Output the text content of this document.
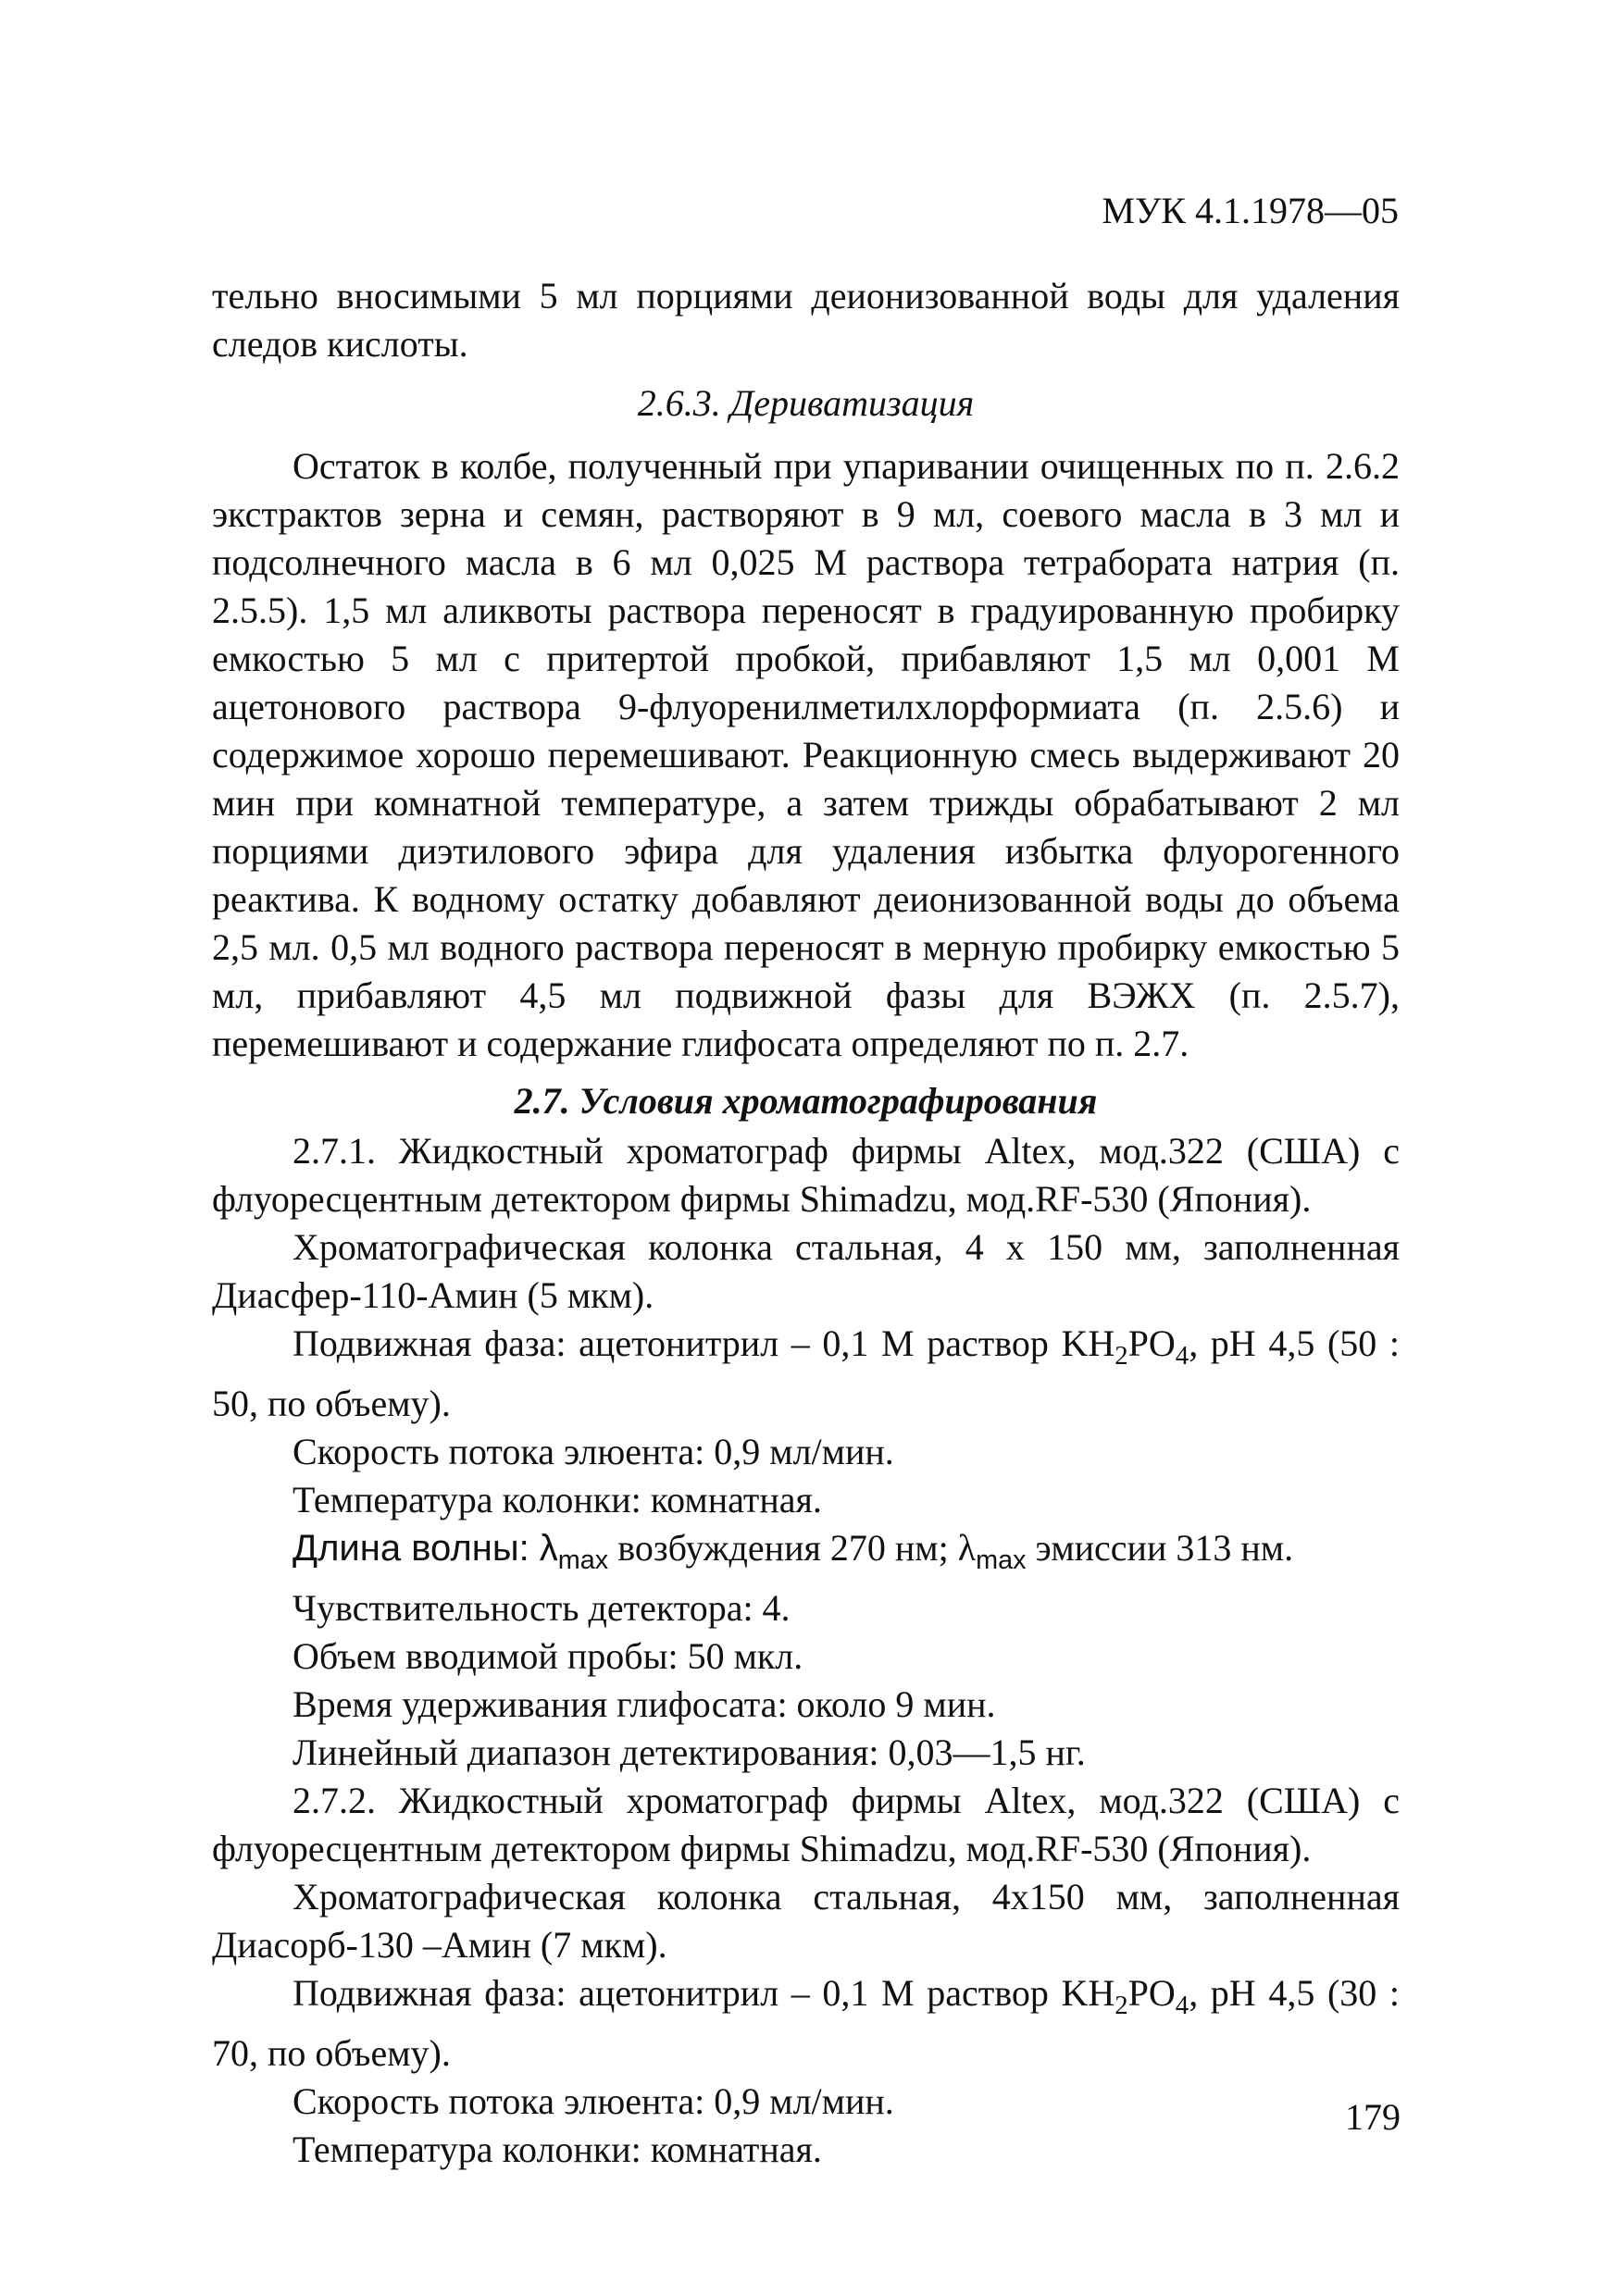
МУК 4.1.1978—05

тельно вносимыми 5 мл порциями деионизованной воды для удаления следов кислоты.

2.6.3. Дериватизация

Остаток в колбе, полученный при упаривании очищенных по п. 2.6.2 экстрактов зерна и семян, растворяют в 9 мл, соевого масла в 3 мл и подсолнечного масла в 6 мл 0,025 М раствора тетрабората натрия (п. 2.5.5). 1,5 мл аликвоты раствора переносят в градуированную пробирку емкостью 5 мл с притертой пробкой, прибавляют 1,5 мл 0,001 М ацетонового раствора 9-флуоренилметилхлорформиата (п. 2.5.6) и содержимое хорошо перемешивают. Реакционную смесь выдерживают 20 мин при комнатной температуре, а затем трижды обрабатывают 2 мл порциями диэтилового эфира для удаления избытка флуорогенного реактива. К водному остатку добавляют деионизованной воды до объема 2,5 мл. 0,5 мл водного раствора переносят в мерную пробирку емкостью 5 мл, прибавляют 4,5 мл подвижной фазы для ВЭЖХ (п. 2.5.7), перемешивают и содержание глифосата определяют по п. 2.7.

2.7. Условия хроматографирования

2.7.1. Жидкостный хроматограф фирмы Altex, мод.322 (США) с флуоресцентным детектором фирмы Shimadzu, мод.RF-530 (Япония).

Хроматографическая колонка стальная, 4 x 150 мм, заполненная Диасфер-110-Амин (5 мкм).

Подвижная фаза: ацетонитрил – 0,1 М раствор $KH_2PO_4$, рН 4,5 (50 : 50, по объему).

Скорость потока элюента: 0,9 мл/мин.

Температура колонки: комнатная.

Длина волны: $\lambda_{max}$ возбуждения 270 нм; $\lambda_{max}$ эмиссии 313 нм.

Чувствительность детектора: 4.

Объем вводимой пробы: 50 мкл.

Время удерживания глифосата: около 9 мин.

Линейный диапазон детектирования: 0,03—1,5 нг.

2.7.2. Жидкостный хроматограф фирмы Altex, мод.322 (США) с флуоресцентным детектором фирмы Shimadzu, мод.RF-530 (Япония).

Хроматографическая колонка стальная, 4x150 мм, заполненная Диасорб-130 –Амин (7 мкм).

Подвижная фаза: ацетонитрил – 0,1 М раствор $KH_2PO_4$, рН 4,5 (30 : 70, по объему).

Скорость потока элюента: 0,9 мл/мин.

Температура колонки: комнатная.

179
